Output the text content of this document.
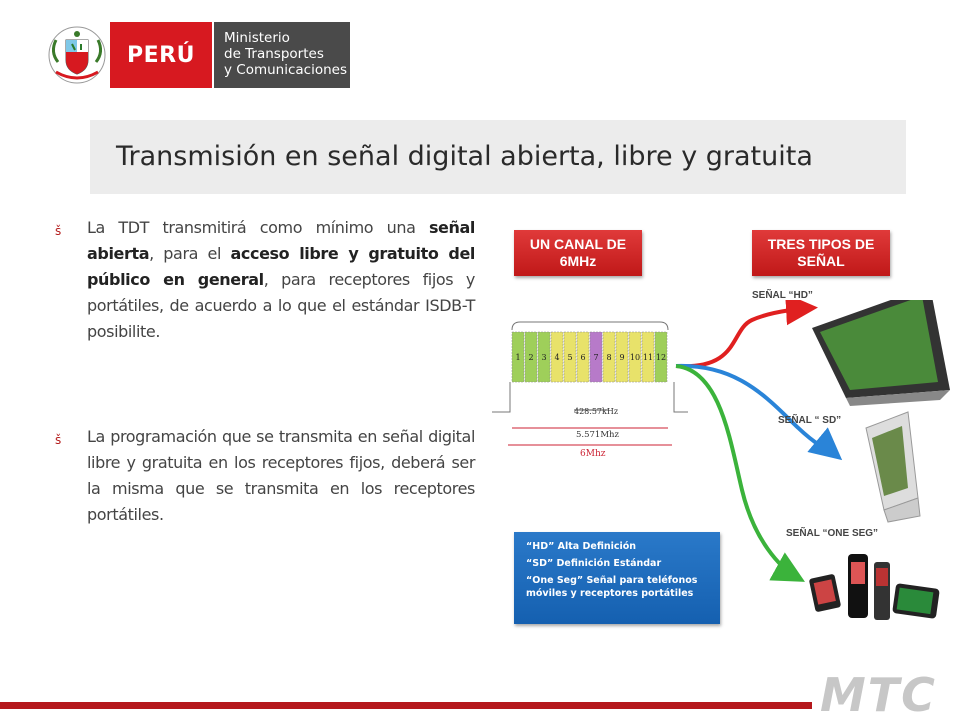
PERÚ
Ministerio
de Transportes
y Comunicaciones
Transmisión en señal digital abierta, libre y gratuita
š La TDT transmitirá como mínimo una señal abierta, para el acceso libre y gratuito del público en general, para receptores fijos y portátiles, de acuerdo a lo que el estándar ISDB-T posibilite.
š La programación que se transmita en señal digital libre y gratuita en los receptores fijos, deberá ser la misma que se transmita en los receptores portátiles.
UN CANAL DE 6MHz
TRES TIPOS DE SEÑAL
1 2 3 4 5 6 7 8 9 10 11 12
428.57kHz
5.571Mhz
6Mhz
SEÑAL “HD”
SEÑAL “ SD”
SEÑAL “ONE SEG”
“HD” Alta Definición
“SD” Definición Estándar
“One Seg” Señal para teléfonos móviles y receptores portátiles
MTC
